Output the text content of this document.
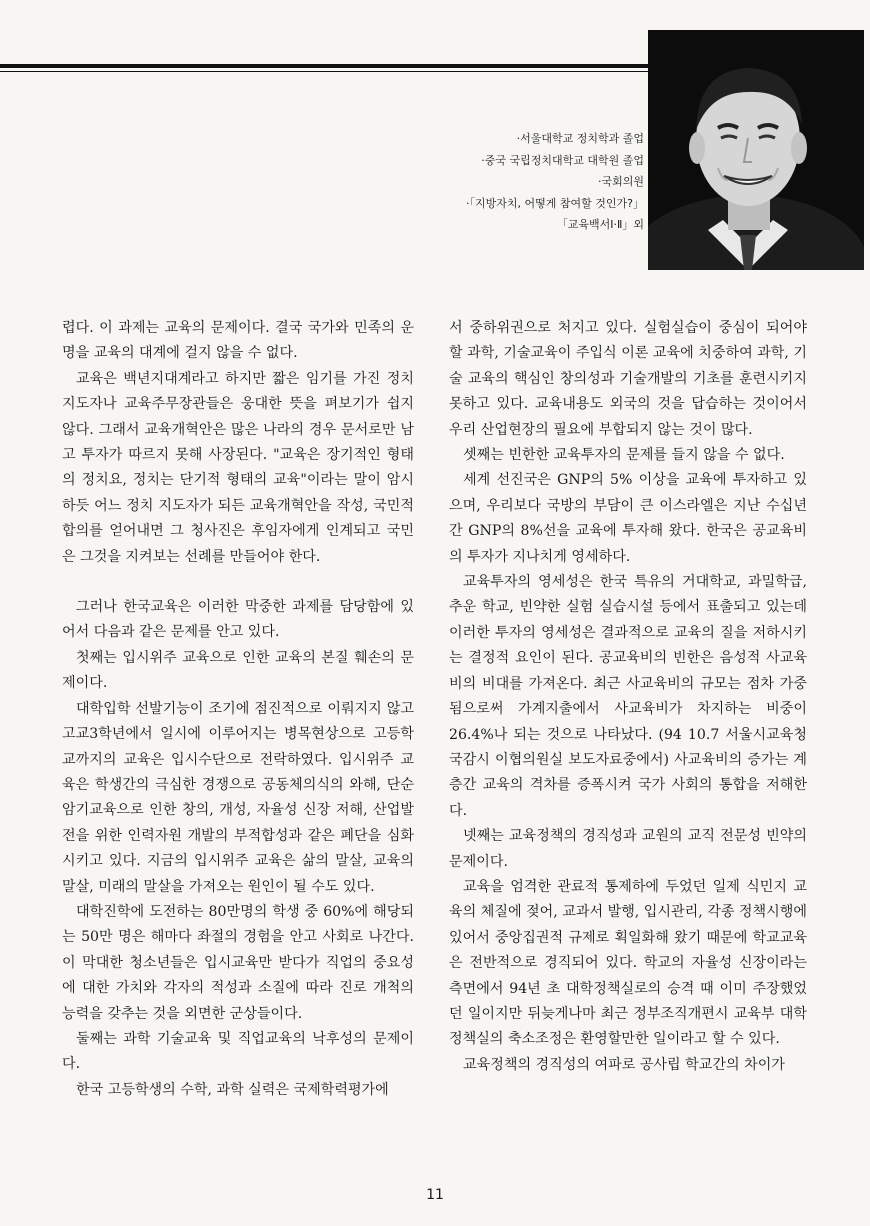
·서울대학교 정치학과 졸업
·중국 국립정치대학교 대학원 졸업
·국회의원
·「지방자치, 어떻게 참여할 것인가?」
「교육백서Ⅰ·Ⅱ」외

렵다. 이 과제는 교육의 문제이다. 결국 국가와 민족의 운명을 교육의 대계에 걸지 않을 수 없다.

교육은 백년지대계라고 하지만 짧은 임기를 가진 정치지도자나 교육주무장관들은 웅대한 뜻을 펴보기가 쉽지 않다. 그래서 교육개혁안은 많은 나라의 경우 문서로만 남고 투자가 따르지 못해 사장된다. "교육은 장기적인 형태의 정치요, 정치는 단기적 형태의 교육"이라는 말이 암시하듯 어느 정치 지도자가 되든 교육개혁안을 작성, 국민적 합의를 얻어내면 그 청사진은 후임자에게 인계되고 국민은 그것을 지켜보는 선례를 만들어야 한다.

그러나 한국교육은 이러한 막중한 과제를 담당함에 있어서 다음과 같은 문제를 안고 있다.

첫째는 입시위주 교육으로 인한 교육의 본질 훼손의 문제이다.

대학입학 선발기능이 조기에 점진적으로 이뤄지지 않고 고교3학년에서 일시에 이루어지는 병목현상으로 고등학교까지의 교육은 입시수단으로 전락하였다. 입시위주 교육은 학생간의 극심한 경쟁으로 공동체의식의 와해, 단순암기교육으로 인한 창의, 개성, 자율성 신장 저해, 산업발전을 위한 인력자원 개발의 부적합성과 같은 폐단을 심화시키고 있다. 지금의 입시위주 교육은 삶의 말살, 교육의 말살, 미래의 말살을 가져오는 원인이 될 수도 있다.

대학진학에 도전하는 80만명의 학생 중 60%에 해당되는 50만 명은 해마다 좌절의 경험을 안고 사회로 나간다. 이 막대한 청소년들은 입시교육만 받다가 직업의 중요성에 대한 가치와 각자의 적성과 소질에 따라 진로 개척의 능력을 갖추는 것을 외면한 군상들이다.

둘째는 과학 기술교육 및 직업교육의 낙후성의 문제이다.

한국 고등학생의 수학, 과학 실력은 국제학력평가에

서 중하위권으로 처지고 있다. 실험실습이 중심이 되어야 할 과학, 기술교육이 주입식 이론 교육에 치중하여 과학, 기술 교육의 핵심인 창의성과 기술개발의 기초를 훈련시키지 못하고 있다. 교육내용도 외국의 것을 답습하는 것이어서 우리 산업현장의 필요에 부합되지 않는 것이 많다.

셋째는 빈한한 교육투자의 문제를 들지 않을 수 없다.

세계 선진국은 GNP의 5% 이상을 교육에 투자하고 있으며, 우리보다 국방의 부담이 큰 이스라엘은 지난 수십년간 GNP의 8%선을 교육에 투자해 왔다. 한국은 공교육비의 투자가 지나치게 영세하다.

교육투자의 영세성은 한국 특유의 거대학교, 과밀학급, 추운 학교, 빈약한 실험 실습시설 등에서 표출되고 있는데 이러한 투자의 영세성은 결과적으로 교육의 질을 저하시키는 결정적 요인이 된다. 공교육비의 빈한은 음성적 사교육비의 비대를 가져온다. 최근 사교육비의 규모는 점차 가중됨으로써 가계지출에서 사교육비가 차지하는 비중이 26.4%나 되는 것으로 나타났다. (94 10.7 서울시교육청 국감시 이협의원실 보도자료중에서) 사교육비의 증가는 계층간 교육의 격차를 증폭시켜 국가 사회의 통합을 저해한다.

넷째는 교육정책의 경직성과 교원의 교직 전문성 빈약의 문제이다.

교육을 엄격한 관료적 통제하에 두었던 일제 식민지 교육의 체질에 젖어, 교과서 발행, 입시관리, 각종 정책시행에 있어서 중앙집권적 규제로 획일화해 왔기 때문에 학교교육은 전반적으로 경직되어 있다. 학교의 자율성 신장이라는 측면에서 94년 초 대학정책실로의 승격 때 이미 주장했었던 일이지만 뒤늦게나마 최근 정부조직개편시 교육부 대학정책실의 축소조정은 환영할만한 일이라고 할 수 있다.

교육정책의 경직성의 여파로 공사립 학교간의 차이가

11
